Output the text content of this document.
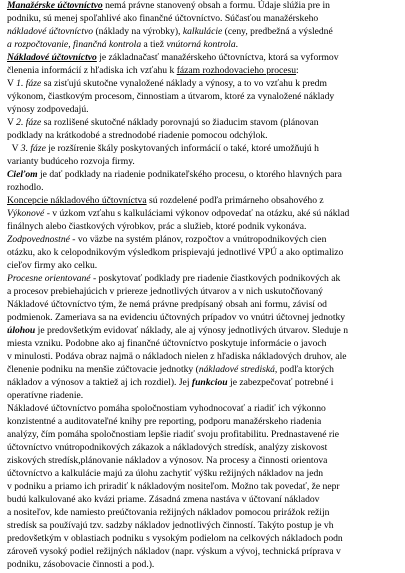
Manažérske účtovníctvo nemá právne stanovený obsah a formu. Údaje slúžia pre in
podniku, sú menej spoľahlivé ako finančné účtovníctvo. Súčasťou manažérskeho
nákladové účtovníctvo (náklady na výrobky), kalkulácie (ceny, predbežná a výsledné
a rozpočtovanie, finančná kontrola a tiež vnútorná kontrola.
Nákladové účtovníctvo je základnačasť manažérskeho účtovníctva, ktorá sa vyformov
členenia informácií z hľadiska ich vzťahu k fázam rozhodovacieho procesu:
V 1. fáze sa zisťujú skutočne vynaložené náklady a výnosy, a to vo vzťahu k predm
výkonom, čiastkovým procesom, činnostiam a útvarom, ktoré za vynaložené náklady
výnosy zodpovedajú.
V 2. fáze sa rozlišené skutočné náklady porovnajú so žiaducim stavom (plánovan
podklady na krátkodobé a strednodobé riadenie pomocou odchýlok.
V 3. fáze je rozšírenie škály poskytovaných informácií o také, ktoré umožňujú h
varianty budúceho rozvoja firmy.
Cieľom je dať podklady na riadenie podnikateľského procesu, o ktorého hlavných para
rozhodlo.
Koncepcie nákladového účtovníctva sú rozdelené podľa primárneho obsahového z
Výkonové - v úzkom vzťahu s kalkuláciami výkonov odpovedať na otázku, aké sú náklad
finálnych alebo čiastkových výrobkov, prác a služieb, ktoré podnik vykonáva.
Zodpovednostné - vo väzbe na systém plánov, rozpočtov a vnútropodnikových cien
otázku, ako k celopodnikovým výsledkom prispievajú jednotlivé VPÚ a ako optimalizo
cieľov firmy ako celku.
Procesne orientované - poskytovať podklady pre riadenie čiastkových podnikových ak
a procesov prebiehajúcich v priereze jednotlivých útvarov a v nich uskutočňovaný
Nákladové účtovníctvo tým, že nemá právne predpísaný obsah ani formu, závisí od
podmienok. Zameriava sa na evidenciu účtovných prípadov vo vnútri účtovnej jednotky
úlohou je predovšetkým evidovať náklady, ale aj výnosy jednotlivých útvarov. Sleduje n
miesta vzniku. Podobne ako aj finančné účtovníctvo poskytuje informácie o javoch
v minulosti. Podáva obraz najmä o nákladoch nielen z hľadiska nákladových druhov, ale
členenie podniku na menšie zúčtovacie jednotky (nákladové strediská, podľa ktorých
nákladov a výnosov a taktiež aj ich rozdiel). Jej funkciou je zabezpečovať potrebné i
operatívne riadenie.
Nákladové účtovníctvo pomáha spoločnostiam vyhodnocovať a riadiť ich výkonno
konzistentné a auditovateľné knihy pre reporting, podporu manažérskeho riadenia
analýzy, čím pomáha spoločnostiam lepšie riadiť svoju profitabilitu. Prednastavené rie
účtovníctvo vnútropodnikových zákazok a nákladových stredísk, analýzy ziskovost
ziskových stredísk,plánovanie nákladov a výnosov. Na procesy a činnosti orientova
účtovníctvo a kalkulácie majú za úlohu zachytiť výšku režijných nákladov na jedn
v podniku a priamo ich priradiť k nákladovým nositeľom. Možno tak povedať, že nepr
budú kalkulované ako kvázi priame. Zásadná zmena nastáva v účtovaní nákladov
a nositeľov, kde namiesto preúčtovania režijných nákladov pomocou prirážok režijn
stredísk sa používajú tzv. sadzby nákladov jednotlivých činností. Takýto postup je vh
predovšetkým v oblastiach podniku s vysokým podielom na celkových nákladoch podn
zároveň vysoký podiel režijných nákladov (napr. výskum a vývoj, technická príprava v
podniku, zásobovacie činnosti a pod.).
